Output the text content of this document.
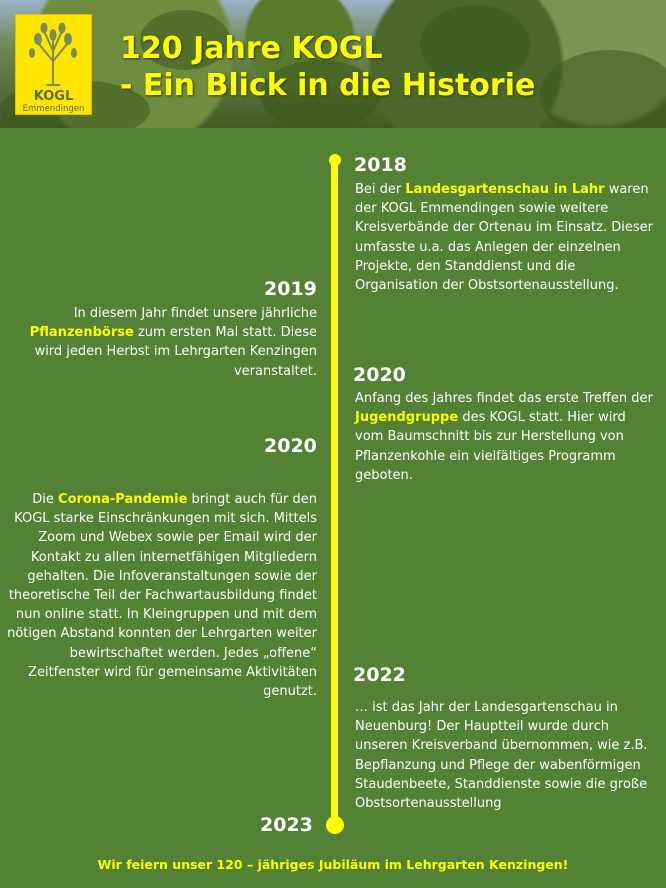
KOGL
Emmendingen
120 Jahre KOGL
- Ein Blick in die Historie
2018
Bei der Landesgartenschau in Lahr waren der KOGL Emmendingen sowie weitere Kreisverbände der Ortenau im Einsatz. Dieser umfasste u.a. das Anlegen der einzelnen Projekte, den Standdienst und die Organisation der Obstsortenausstellung.
2019
In diesem Jahr findet unsere jährliche Pflanzenbörse zum ersten Mal statt. Diese wird jeden Herbst im Lehrgarten Kenzingen veranstaltet. 2020
Anfang des Jahres findet das erste Treffen der Jugendgruppe des KOGL statt. Hier wird vom Baumschnitt bis zur Herstellung von Pflanzenkohle ein vielfältiges Programm geboten.
2020
Die Corona-Pandemie bringt auch für den KOGL starke Einschränkungen mit sich. Mittels Zoom und Webex sowie per Email wird der Kontakt zu allen internetfähigen Mitgliedern gehalten. Die Infoveranstaltungen sowie der theoretische Teil der Fachwartausbildung findet nun online statt. In Kleingruppen und mit dem nötigen Abstand konnten der Lehrgarten weiter bewirtschaftet werden. Jedes „offene“ Zeitfenster wird für gemeinsame Aktivitäten genutzt.
2022
… ist das Jahr der Landesgartenschau in Neuenburg! Der Hauptteil wurde durch unseren Kreisverband übernommen, wie z.B. Bepflanzung und Pflege der wabenförmigen Staudenbeete, Standdienste sowie die große Obstsortenausstellung
2023
Wir feiern unser 120 – jähriges Jubiläum im Lehrgarten Kenzingen!
